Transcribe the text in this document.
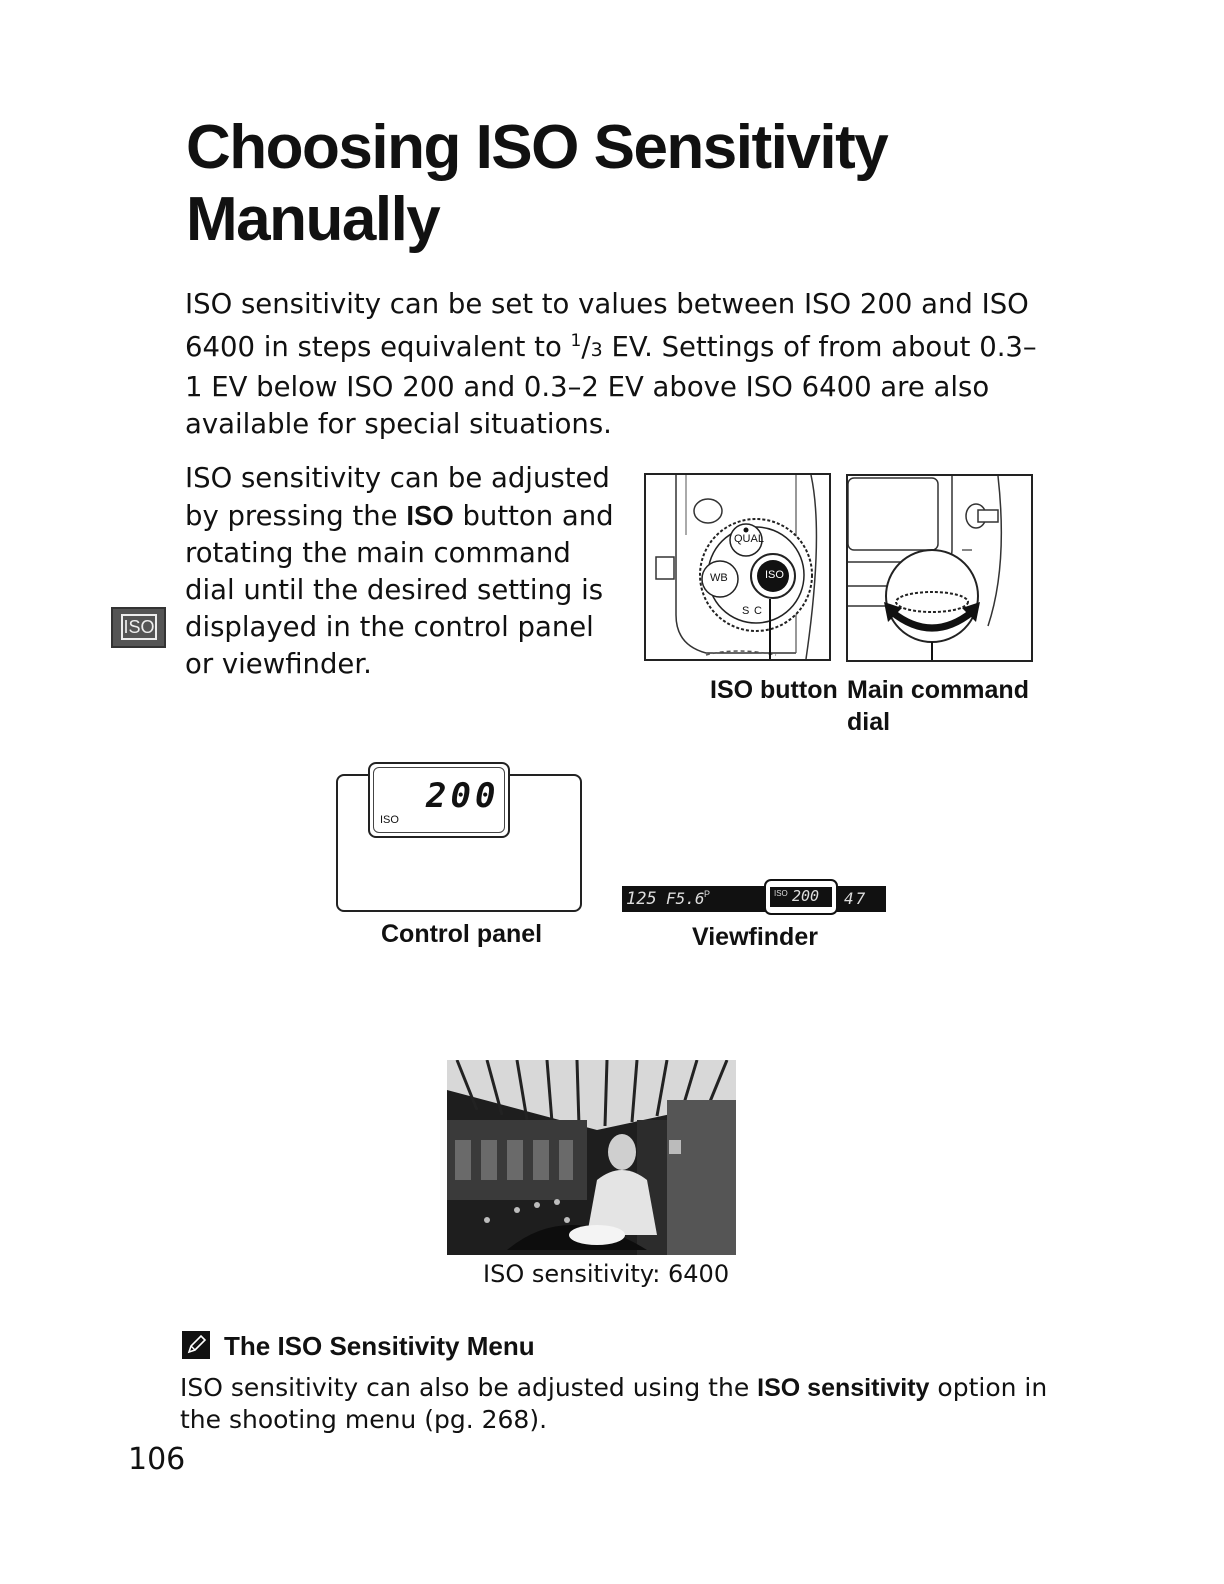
Choosing ISO Sensitivity
Manually
ISO sensitivity can be set to values between ISO 200 and ISO 6400 in steps equivalent to $^1$/3 EV. Settings of from about 0.3–1 EV below ISO 200 and 0.3–2 EV above ISO 6400 are also available for special situations.
ISO sensitivity can be adjusted by pressing the ISO button and rotating the main command dial until the desired setting is displayed in the control panel or viewfinder.
ISO
QUAL
WB	ISO
S C
ISO button Main command dial
200
ISO
Control panel
125 F5.6 P	ISO 200 47
Viewfinder
ISO sensitivity: 6400
The ISO Sensitivity Menu
ISO sensitivity can also be adjusted using the ISO sensitivity option in the shooting menu (pg. 268).
106
